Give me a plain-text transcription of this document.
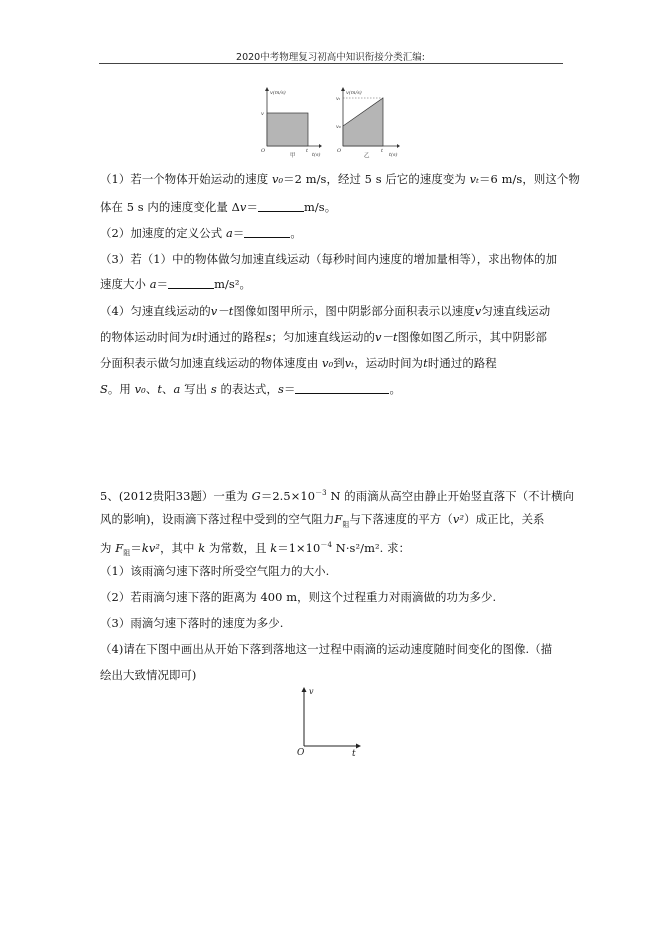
2020中考物理复习初高中知识衔接分类汇编:
v(m/s)
v
O	t
t(s)
甲
v(m/s)
vₜ
v₀
O	t
t(s)
乙
（1）若一个物体开始运动的速度 v₀＝2 m/s，经过 5 s 后它的速度变为 vₜ＝6 m/s，则这个物
体在 5 s 内的速度变化量 Δv＝	m/s。
（2）加速度的定义公式 a＝	。
（3）若（1）中的物体做匀加速直线运动（每秒时间内速度的增加量相等），求出物体的加
速度大小 a＝	m/s²。
（4）匀速直线运动的v－t图像如图甲所示，图中阴影部分面积表示以速度v匀速直线运动
的物体运动时间为t时通过的路程s；匀加速直线运动的v－t图像如图乙所示，其中阴影部
分面积表示做匀加速直线运动的物体速度由 v₀到vₜ，运动时间为t时通过的路程
S。用 v₀、t、a 写出 s 的表达式，s＝	。
5、(2012贵阳33题）一重为 $G=2.5\times 10^{-3}$ N 的雨滴从高空由静止开始竖直落下（不计横向
风的影响)，设雨滴下落过程中受到的空气阻力$F_阻$与下落速度的平方（v²）成正比，关系
为 $F_阻=kv^2$，其中 k 为常数，且 $k=1\times 10^{-4}$ N·s²/m². 求：
（1）该雨滴匀速下落时所受空气阻力的大小.
（2）若雨滴匀速下落的距离为 400 m，则这个过程重力对雨滴做的功为多少.
（3）雨滴匀速下落时的速度为多少.
（4)请在下图中画出从开始下落到落地这一过程中雨滴的运动速度随时间变化的图像.（描
绘出大致情况即可)
v
O	t
